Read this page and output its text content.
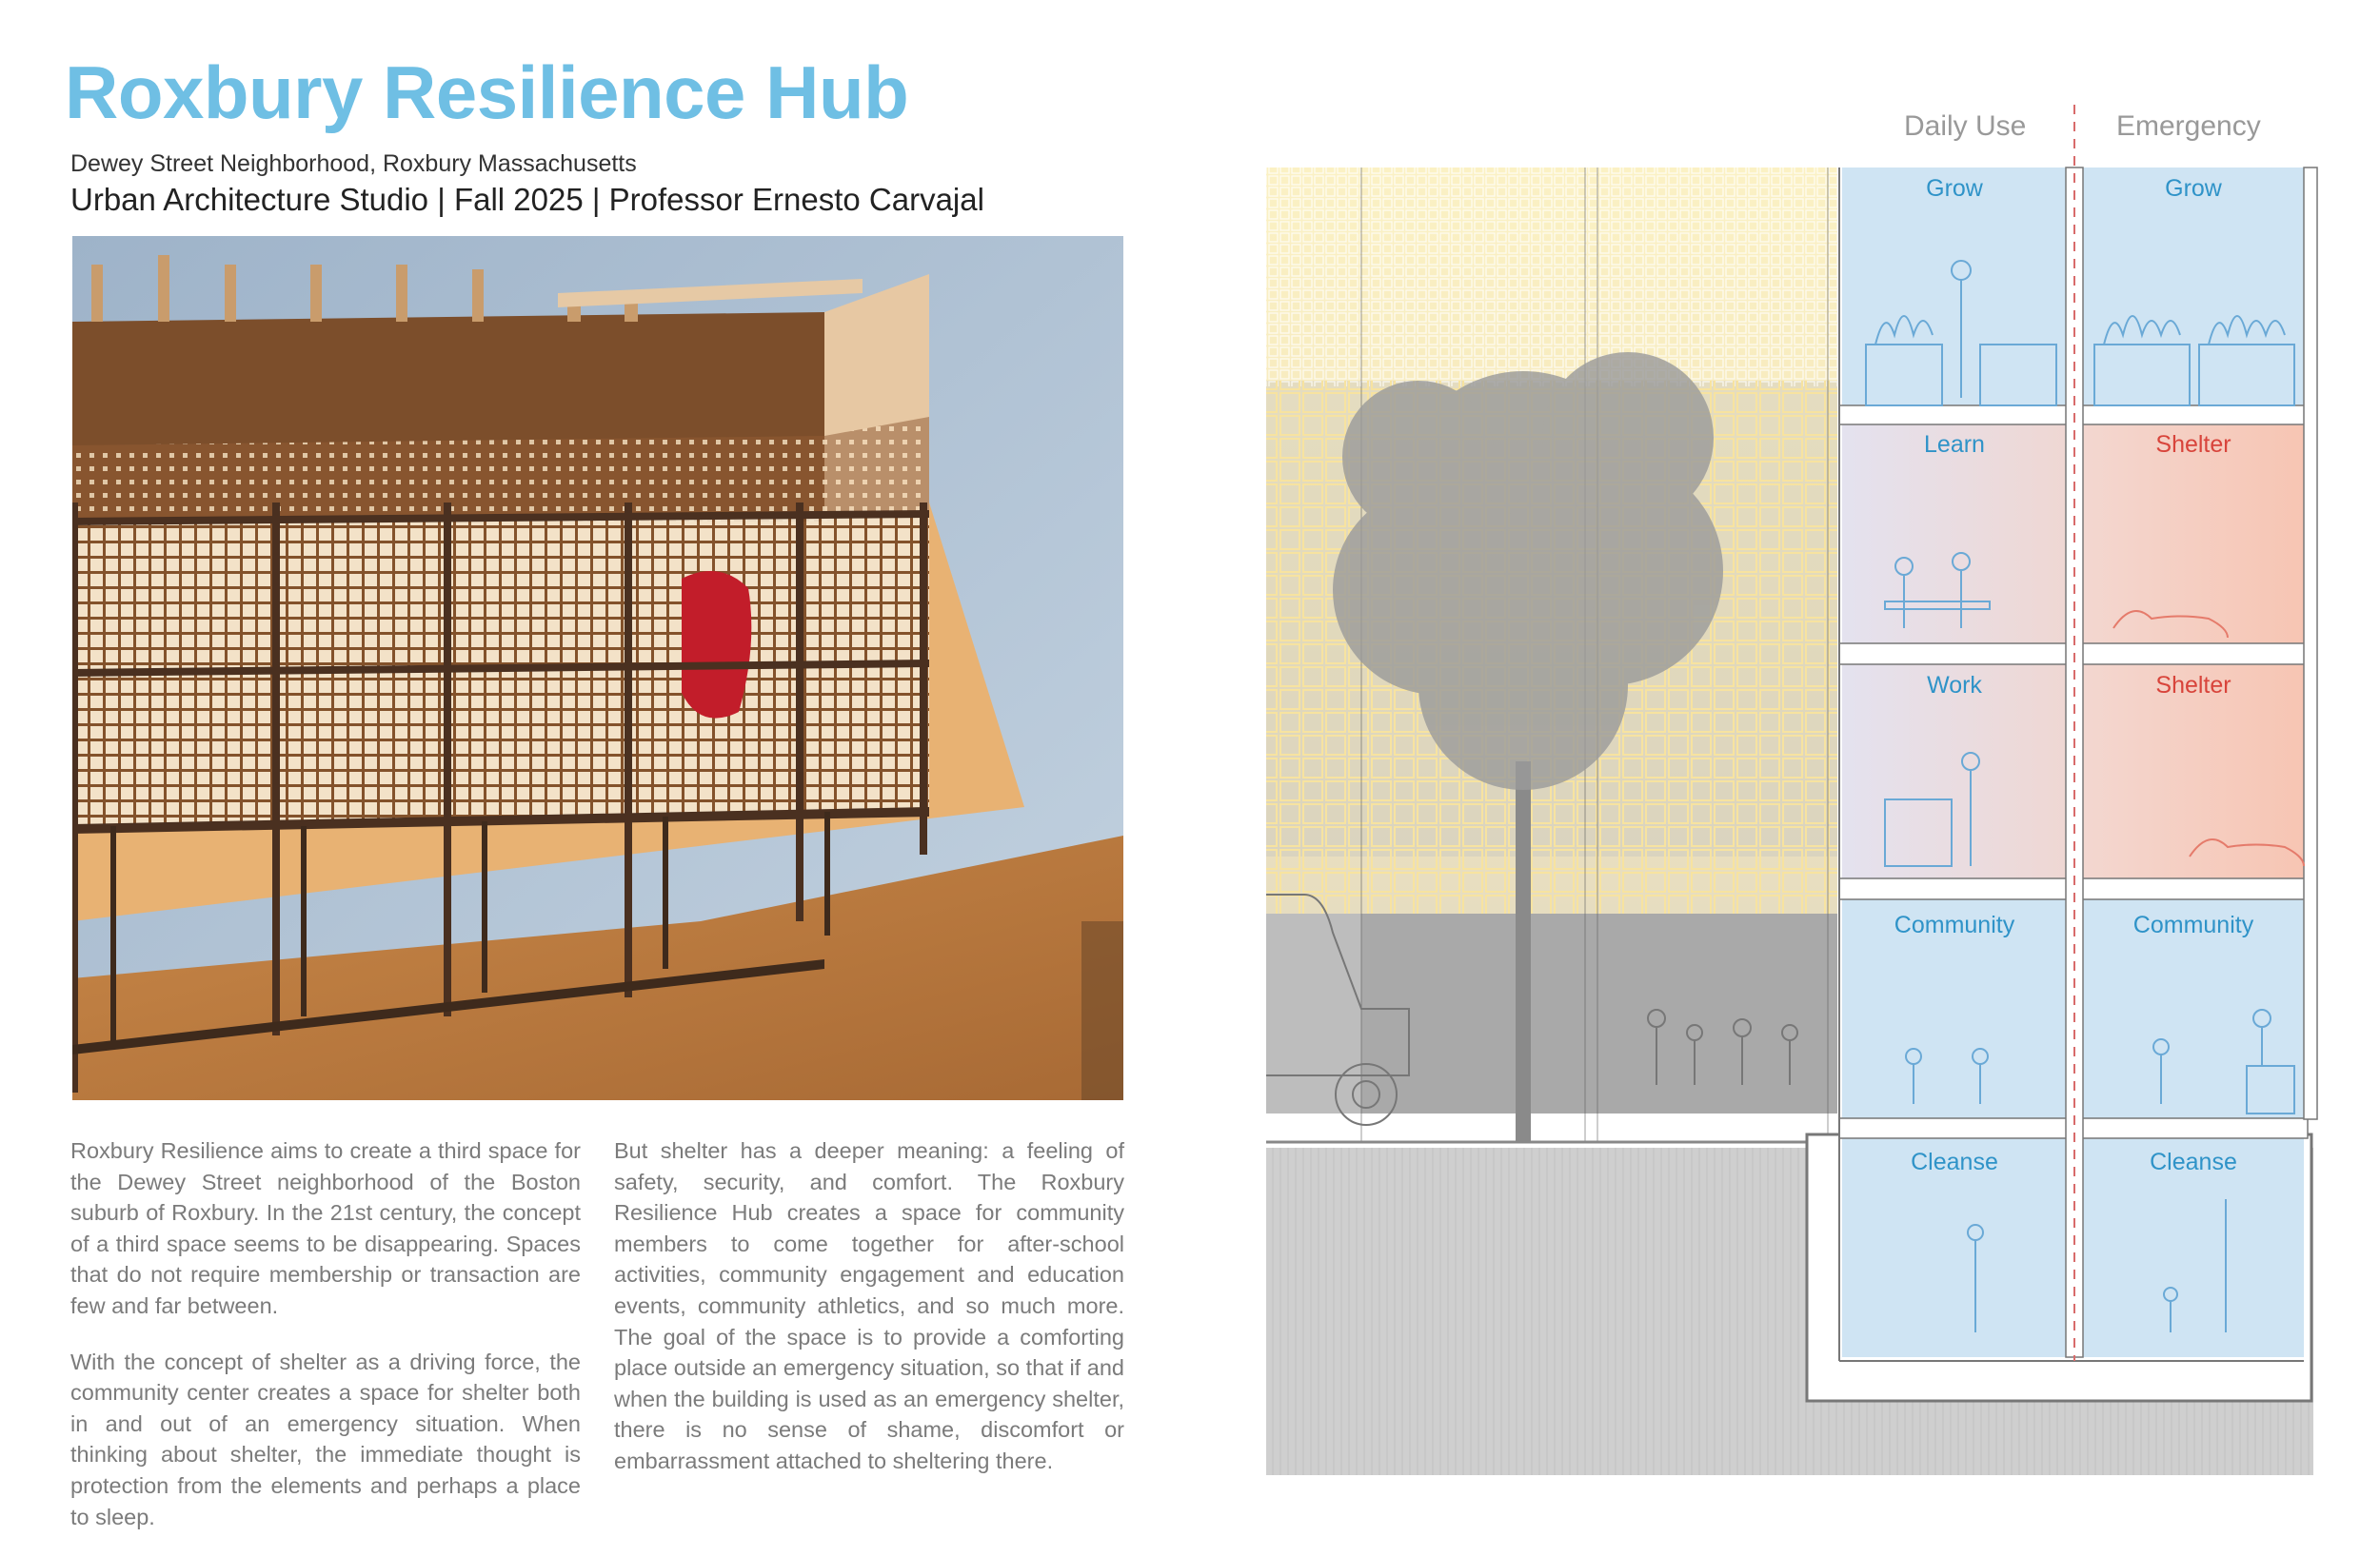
Roxbury Resilience Hub
Dewey Street Neighborhood, Roxbury Massachusetts
Urban Architecture Studio | Fall 2025 | Professor Ernesto Carvajal

Roxbury Resilience aims to create a third space for the Dewey Street neighborhood of the Boston suburb of Roxbury. In the 21st century, the concept of a third space seems to be disappearing. Spaces that do not require membership or transaction are few and far between.

With the concept of shelter as a driving force, the community center creates a space for shelter both in and out of an emergency situation. When thinking about shelter, the immediate thought is protection from the elements and perhaps a place to sleep.

But shelter has a deeper meaning: a feeling of safety, security, and comfort. The Roxbury Resilience Hub creates a space for community members to come together for after-school activities, community engagement and education events, community athletics, and so much more. The goal of the space is to provide a comforting place outside an emergency situation, so that if and when the building is used as an emergency shelter, there is no sense of shame, discomfort or embarrassment attached to sheltering there.

Daily Use	Emergency
Grow
Learn
Work
Community
Cleanse
Grow
Shelter
Shelter
Community
Cleanse
